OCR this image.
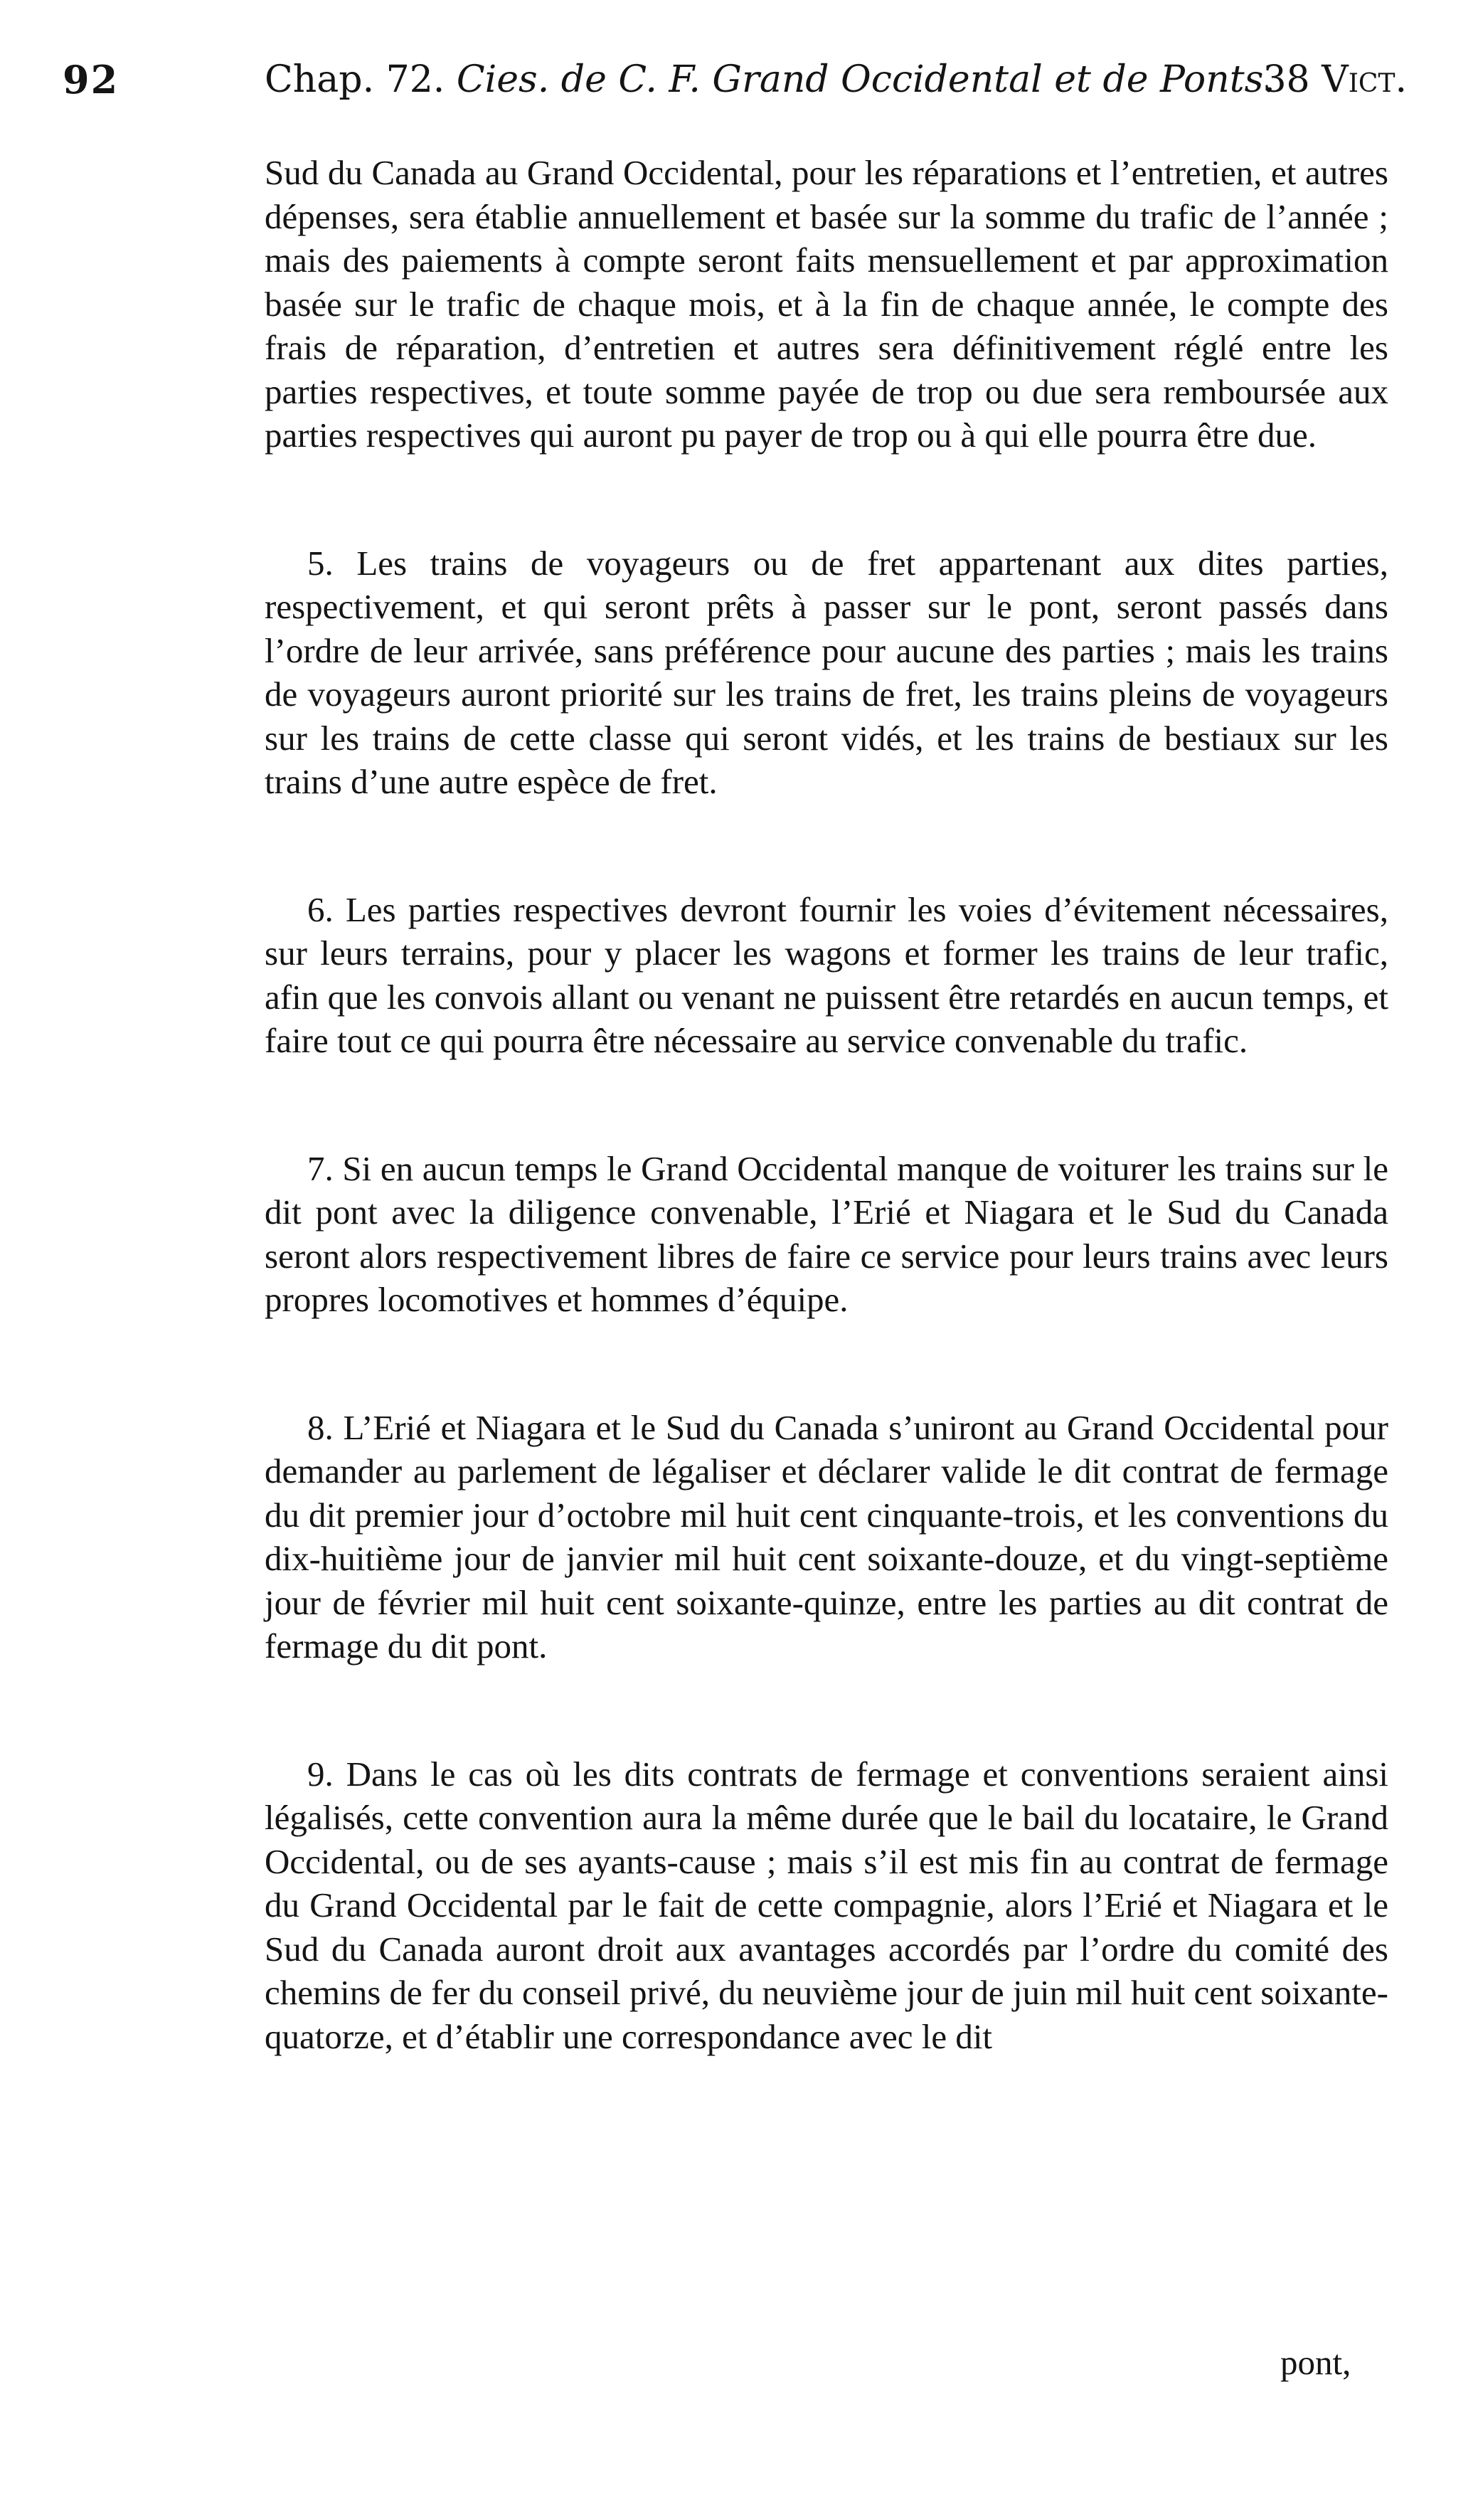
92	Chap. 72. Cies. de C. F. Grand Occidental et de Ponts.
38 Vict.

Sud du Canada au Grand Occidental, pour les réparations et l’entretien, et autres dépenses, sera établie annuellement et basée sur la somme du trafic de l’année ; mais des paiements à compte seront faits mensuellement et par approximation basée sur le trafic de chaque mois, et à la fin de chaque année, le compte des frais de réparation, d’entretien et autres sera définitivement réglé entre les parties respectives, et toute somme payée de trop ou due sera remboursée aux parties respectives qui auront pu payer de trop ou à qui elle pourra être due.

5. Les trains de voyageurs ou de fret appartenant aux dites parties, respectivement, et qui seront prêts à passer sur le pont, seront passés dans l’ordre de leur arrivée, sans préférence pour aucune des parties ; mais les trains de voyageurs auront priorité sur les trains de fret, les trains pleins de voyageurs sur les trains de cette classe qui seront vidés, et les trains de bestiaux sur les trains d’une autre espèce de fret.

6. Les parties respectives devront fournir les voies d’évitement nécessaires, sur leurs terrains, pour y placer les wagons et former les trains de leur trafic, afin que les convois allant ou venant ne puissent être retardés en aucun temps, et faire tout ce qui pourra être nécessaire au service convenable du trafic.

7. Si en aucun temps le Grand Occidental manque de voiturer les trains sur le dit pont avec la diligence convenable, l’Erié et Niagara et le Sud du Canada seront alors respectivement libres de faire ce service pour leurs trains avec leurs propres locomotives et hommes d’équipe.

8. L’Erié et Niagara et le Sud du Canada s’uniront au Grand Occidental pour demander au parlement de légaliser et déclarer valide le dit contrat de fermage du dit premier jour d’octobre mil huit cent cinquante-trois, et les conventions du dix-huitième jour de janvier mil huit cent soixante-douze, et du vingt-septième jour de février mil huit cent soixante-quinze, entre les parties au dit contrat de fermage du dit pont.

9. Dans le cas où les dits contrats de fermage et conventions seraient ainsi légalisés, cette convention aura la même durée que le bail du locataire, le Grand Occidental, ou de ses ayants-cause ; mais s’il est mis fin au contrat de fermage du Grand Occidental par le fait de cette compagnie, alors l’Erié et Niagara et le Sud du Canada auront droit aux avantages accordés par l’ordre du comité des chemins de fer du conseil privé, du neuvième jour de juin mil huit cent soixante-quatorze, et d’établir une correspondance avec le dit

pont,
